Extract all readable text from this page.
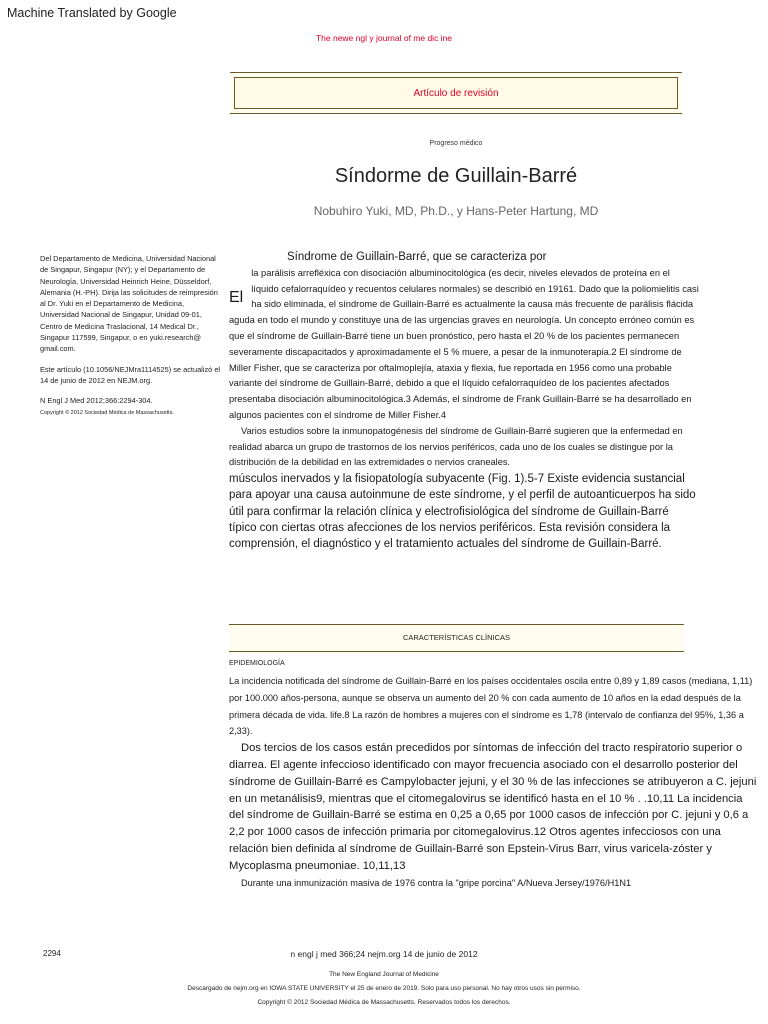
Machine Translated by Google
The newe ngl y journal of me dic ine
Artículo de revisión
Progreso médico
Síndorme de Guillain-Barré
Nobuhiro Yuki, MD, Ph.D., y Hans-Peter Hartung, MD

Del Departamento de Medicina, Universidad Nacional de Singapur, Singapur (NY); y el Departamento de Neurología, Universidad Heinrich Heine, Düsseldorf, Alemania (H.-PH). Dirija las solicitudes de reimpresión al Dr. Yuki en el Departamento de Medicina, Universidad Nacional de Singapur, Unidad 09-01, Centro de Medicina Traslacional, 14 Medical Dr., Singapur 117599, Singapur, o en yuki.research@ gmail.com.

Este artículo (10.1056/NEJMra1114525) se actualizó el 14 de junio de 2012 en NEJM.org.

N Engl J Med 2012;366:2294-304.

Copyright © 2012 Sociedad Médica de Massachusetts.

Síndrome de Guillain-Barré, que se caracteriza por
El

la parálisis arrefléxica con disociación albuminocitológica (es decir, niveles elevados de proteína en el líquido cefalorraquídeo y recuentos celulares normales) se describió en 19161. Dado que la poliomielitis casi ha sido eliminada, el síndrome de Guillain-Barré es actualmente la causa más frecuente de parálisis flácida aguda en todo el mundo y constituye una de las urgencias graves en neurología. Un concepto erróneo común es que el síndrome de Guillain-Barré tiene un buen pronóstico, pero hasta el 20 % de los pacientes permanecen severamente discapacitados y aproximadamente el 5 % muere, a pesar de la inmunoterapia.2 El síndrome de Miller Fisher, que se caracteriza por oftalmoplejía, ataxia y flexia, fue reportada en 1956 como una probable variante del síndrome de Guillain-Barré, debido a que el líquido cefalorraquídeo de los pacientes afectados presentaba disociación albuminocitológica.3 Además, el síndrome de Frank Guillain-Barré se ha desarrollado en algunos pacientes con el síndrome de Miller Fisher.4

Varios estudios sobre la inmunopatogénesis del síndrome de Guillain-Barré sugieren que la enfermedad en realidad abarca un grupo de trastornos de los nervios periféricos, cada uno de los cuales se distingue por la distribución de la debilidad en las extremidades o nervios craneales.

músculos inervados y la fisiopatología subyacente (Fig. 1).5-7 Existe evidencia sustancial para apoyar una causa autoinmune de este síndrome, y el perfil de autoanticuerpos ha sido útil para confirmar la relación clínica y electrofisiológica del síndrome de Guillain-Barré típico con ciertas otras afecciones de los nervios periféricos. Esta revisión considera la comprensión, el diagnóstico y el tratamiento actuales del síndrome de Guillain-Barré.

CARACTERÍSTICAS CLÍNICAS
EPIDEMIOLOGÍA

La incidencia notificada del síndrome de Guillain-Barré en los países occidentales oscila entre 0,89 y 1,89 casos (mediana, 1,11) por 100.000 años-persona, aunque se observa un aumento del 20 % con cada aumento de 10 años en la edad después de la primera década de vida. life.8 La razón de hombres a mujeres con el síndrome es 1,78 (intervalo de confianza del 95%, 1,36 a 2,33).

Dos tercios de los casos están precedidos por síntomas de infección del tracto respiratorio superior o diarrea. El agente infeccioso identificado con mayor frecuencia asociado con el desarrollo posterior del síndrome de Guillain-Barré es Campylobacter jejuni, y el 30 % de las infecciones se atribuyeron a C. jejuni en un metanálisis9, mientras que el citomegalovirus se identificó hasta en el 10 % . .10,11 La incidencia del síndrome de Guillain-Barré se estima en 0,25 a 0,65 por 1000 casos de infección por C. jejuni y 0,6 a 2,2 por 1000 casos de infección primaria por citomegalovirus.12 Otros agentes infecciosos con una relación bien definida al síndrome de Guillain-Barré son Epstein-Virus Barr, virus varicela-zóster y Mycoplasma pneumoniae. 10,11,13

Durante una inmunización masiva de 1976 contra la "gripe porcina" A/Nueva Jersey/1976/H1N1

2294	n engl j med 366;24 nejm.org 14 de junio de 2012
The New England Journal of Medicine
Descargado de nejm.org en IOWA STATE UNIVERSITY el 25 de enero de 2019. Solo para uso personal. No hay otros usos sin permiso.
Copyright © 2012 Sociedad Médica de Massachusetts. Reservados todos los derechos.
